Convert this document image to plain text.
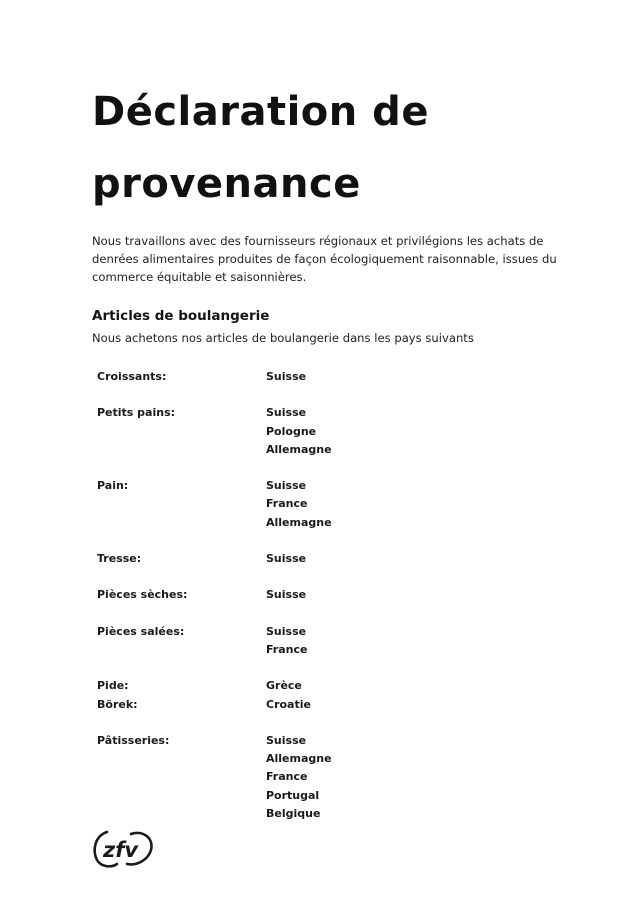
Déclaration de
provenance

Nous travaillons avec des fournisseurs régionaux et privilégions les achats de denrées alimentaires produites de façon écologiquement raisonnable, issues du commerce équitable et saisonnières.

Articles de boulangerie

Nous achetons nos articles de boulangerie dans les pays suivants

Croissants:	Suisse
Petits pains:	Suisse
Pologne
Allemagne
Pain:	Suisse
France
Allemagne
Tresse:	Suisse
Pièces sèches:	Suisse
Pièces salées:	Suisse
France
Pide:	Grèce
Börek:	Croatie
Pâtisseries:	Suisse
Allemagne
France
Portugal
Belgique
zfv
